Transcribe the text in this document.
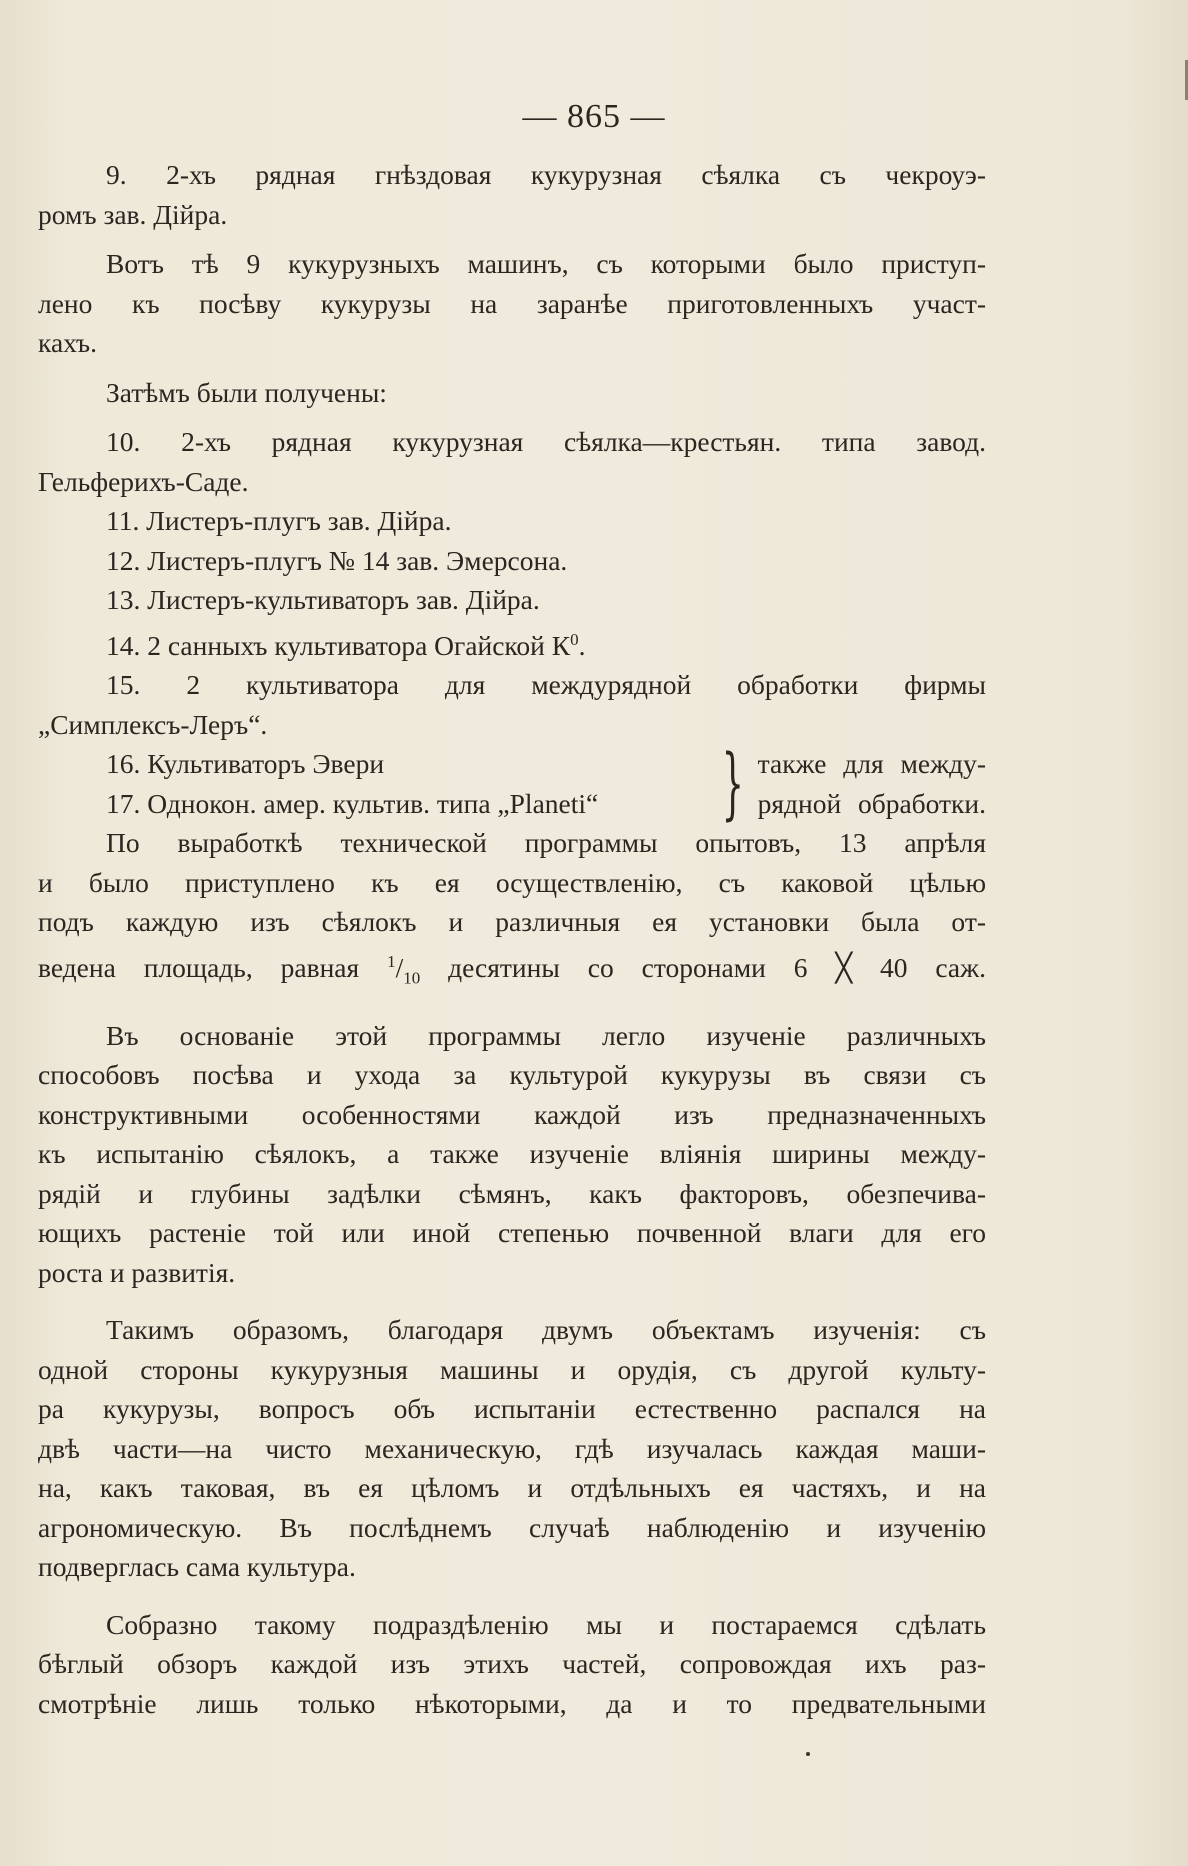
— 865 —
9. 2-хъ рядная гнѣздовая кукурузная сѣялка съ чекроуэ-
ромъ зав. Дійра.
Вотъ тѣ 9 кукурузныхъ машинъ, съ которыми было приступ-
лено къ посѣву кукурузы на заранѣе приготовленныхъ участ-
кахъ.
Затѣмъ были получены:
10. 2-хъ рядная кукурузная сѣялка—крестьян. типа завод.
Гельферихъ-Саде.
11. Листеръ-плугъ зав. Дійра.
12. Листеръ-плугъ № 14 зав. Эмерсона.
13. Листеръ-культиваторъ зав. Дійра.
14. 2 санныхъ культиватора Огайской $К^0$.
15. 2 культиватора для междурядной обработки фирмы
„Симплексъ-Леръ“.
16. Культиваторъ Эвери
17. Однокон. амер. культив. типа „Planeti“	} также для между-
рядной обработки.
По выработкѣ технической программы опытовъ, 13 апрѣля
и было приступлено къ ея осуществленію, съ каковой цѣлью
подъ каждую изъ сѣялокъ и различныя ея установки была от-
ведена площадь, равная $^1/_{10}$ десятины со сторонами 6 ╳ 40 саж.
Въ основаніе этой программы легло изученіе различныхъ
способовъ посѣва и ухода за культурой кукурузы въ связи съ
конструктивными особенностями каждой изъ предназначенныхъ
къ испытанію сѣялокъ, а также изученіе вліянія ширины между-
рядій и глубины задѣлки сѣмянъ, какъ факторовъ, обезпечива-
ющихъ растеніе той или иной степенью почвенной влаги для его
роста и развитія.
Такимъ образомъ, благодаря двумъ объектамъ изученія: съ
одной стороны кукурузныя машины и орудія, съ другой культу-
ра кукурузы, вопросъ объ испытаніи естественно распался на
двѣ части—на чисто механическую, гдѣ изучалась каждая маши-
на, какъ таковая, въ ея цѣломъ и отдѣльныхъ ея частяхъ, и на
агрономическую. Въ послѣднемъ случаѣ наблюденію и изученію
подверглась сама культура.
Собразно такому подраздѣленію мы и постараемся сдѣлать
бѣглый обзоръ каждой изъ этихъ частей, сопровождая ихъ раз-
смотрѣніе лишь только нѣкоторыми, да и то предвательными
